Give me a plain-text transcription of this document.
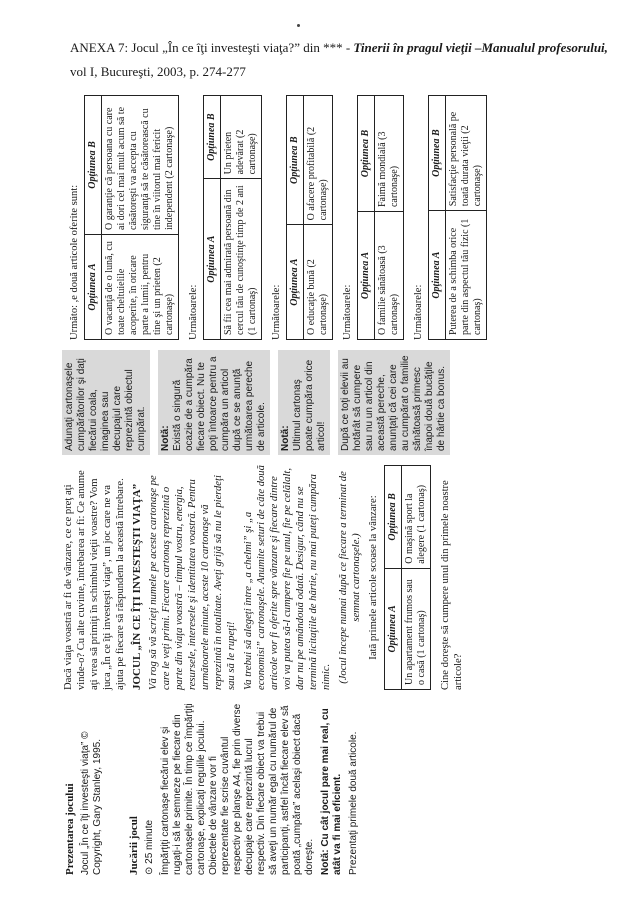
ANEXA 7: Jocul „În ce îţi investeşti viaţa?” din *** - Tinerii în pragul vieţii –Manualul profesorului,
vol I, Bucureşti, 2003, p. 274-277
Prezentarea jocului Jocul „În ce îţi investeşti viaţa” © Copyright, Gary Stanley, 1995. Jucării jocul ⊙ 25 minute Împărţiţi cartonaşe fiecărui elev şi rugaţi-i să le semneze pe fiecare din cartonaşele primite. În timp ce împărţiţi cartonaşe, explicaţi regulile jocului. Obiectele de vânzare vor fi reprezentate fie scrise cuvântul respectiv pe planşe A4, fie prin diverse decupaje care reprezintă lucrul respectiv. Din fiecare obiect va trebui să aveţi un număr egal cu numărul de participanţi, astfel încât fiecare elev să poată „cumpăra” acelaşi obiect dacă doreşte. Notă: Cu cât jocul pare mai real, cu atât va fi mai eficient. Prezentaţi primele două articole.

Dacă viaţa voastră ar fi de vânzare, ce ce preţ aţi vinde-o? Cu alte cuvinte, întrebarea ar fi: Ce anume aţi vrea să primiţi în schimbul vieţii voastre? Vom juca „În ce îţi investeşti viaţa”, un joc care ne va ajuta pe fiecare să răspundem la această întrebare. JOCUL „ÎN CE ÎŢI INVESTEŞTI VIAŢA” Vă rog să vă scrieţi numele pe aceste cartonaşe pe care le veţi primi. Fiecare cartonaş reprezintă o parte din viaţa voastră – timpul vostru, energia, resursele, interesele şi identitatea voastră. Pentru următoarele minute, aceste 10 cartonaşe vă reprezintă în totalitate. Aveţi grijă să nu le pierdeţi sau să le rupeţi! Va trebui să alegeţi între „a chelmi” şi „a economisi” cartonaşele. Anumite seturi de câte două articole vor fi oferite spre vânzare şi fiecare dintre voi va putea să-l cumpere fie pe unul, fie pe celălalt, dar nu pe amândouă odată. Desigur, când nu se termină licitaţiile de hârtie, nu mai puteţi cumpăra nimic. (Jocul începe numai după ce fiecare a terminat de semnat cartonaşele.) Iată primele articole scoase la vânzare: Opţiunea A	Opţiunea B
Un apartament frumos sau o casă (1 cartonaş)	O maşină sport la alegere (1 cartonaş) Cine doreşte să cumpere unul din primele noastre articole?

Adunaţi cartonaşele cumpărătorilor şi daţi fiecărui coala, imaginea sau decupajul care reprezintă obiectul cumpărat.	Notă: Există o singură ocazie de a cumpăra fiecare obiect. Nu te poţi întoarce pentru a cumpăra un articol după ce se anunţă următoarea pereche de articole. Notă: Ultimul cartonaş poate cumpăra orice articol! După ce toţi elevii au hotărât să cumpere sau nu un articol din această pereche, anunţaţi că cei care au cumpărat o familie sănătoasă primesc înapoi două bucăţile de hârtie ca bonus.
Următo: ,e două articole oferite sunt: Opţiunea A	Opţiunea B
O vacanţă de o lună, cu toate cheltuielile acoperite, în oricare parte a lumii, pentru tine şi un prieten (2 cartonaşe)	O garanţie că persoana cu care ai dori cel mai mult acum să te căsătoreşti va accepta cu siguranţă să te căsătorească cu tine în viitorul mai fericit independent (2 cartonaşe)
Următoarele:
Opţiunea A	Opţiunea B
Să fii cea mai admirată persoană din cercul tău de cunoştinţe timp de 2 ani (1 cartonaş)	Un prieten adevărat (2 cartonaşe)
Următoarele:
Opţiunea A	Opţiunea B
O educaţie bună (2 cartonaşe)	O afacere profitabilă (2 cartonaşe)
Următoarele:
Opţiunea A	Opţiunea B
O familie sănătoasă (3 cartonaşe)	Faimă mondială (3 cartonaşe)
Următoarele:
Opţiunea A	Opţiunea B
Puterea de a schimba orice parte din aspectul tău fizic (1 cartonaş)	Satisfacţie personală pe toată durata vieţii (2 cartonaşe)
